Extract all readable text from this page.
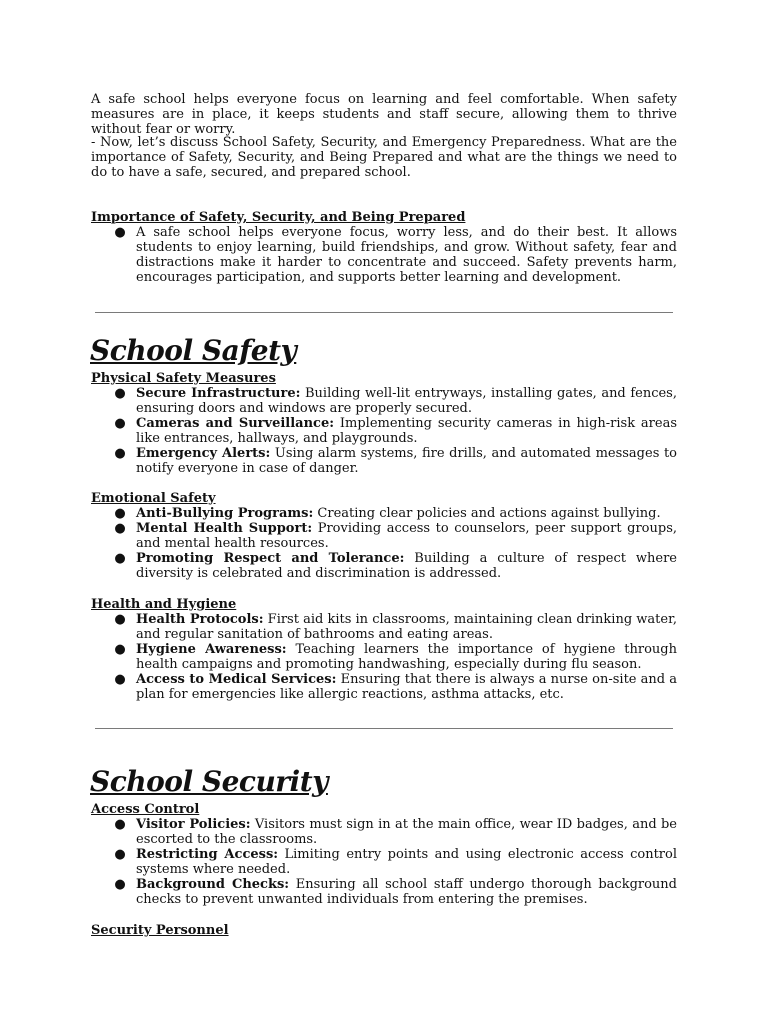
A safe school helps everyone focus on learning and feel comfortable. When safety measures are in place, it keeps students and staff secure, allowing them to thrive without fear or worry.

- Now, let’s discuss School Safety, Security, and Emergency Preparedness. What are the importance of Safety, Security, and Being Prepared and what are the things we need to do to have a safe, secured, and prepared school.

Importance of Safety, Security, and Being Prepared
● A safe school helps everyone focus, worry less, and do their best. It allows students to enjoy learning, build friendships, and grow. Without safety, fear and distractions make it harder to concentrate and succeed. Safety prevents harm, encourages participation, and supports better learning and development.
School Safety
Physical Safety Measures
● Secure Infrastructure: Building well-lit entryways, installing gates, and fences, ensuring doors and windows are properly secured.
● Cameras and Surveillance: Implementing security cameras in high-risk areas like entrances, hallways, and playgrounds.
● Emergency Alerts: Using alarm systems, fire drills, and automated messages to notify everyone in case of danger.
Emotional Safety
● Anti-Bullying Programs: Creating clear policies and actions against bullying.
● Mental Health Support: Providing access to counselors, peer support groups, and mental health resources.
● Promoting Respect and Tolerance: Building a culture of respect where diversity is celebrated and discrimination is addressed.
Health and Hygiene
● Health Protocols: First aid kits in classrooms, maintaining clean drinking water, and regular sanitation of bathrooms and eating areas.
● Hygiene Awareness: Teaching learners the importance of hygiene through health campaigns and promoting handwashing, especially during flu season.
● Access to Medical Services: Ensuring that there is always a nurse on-site and a plan for emergencies like allergic reactions, asthma attacks, etc.
School Security
Access Control
● Visitor Policies: Visitors must sign in at the main office, wear ID badges, and be escorted to the classrooms.
● Restricting Access: Limiting entry points and using electronic access control systems where needed.
● Background Checks: Ensuring all school staff undergo thorough background checks to prevent unwanted individuals from entering the premises.
Security Personnel
